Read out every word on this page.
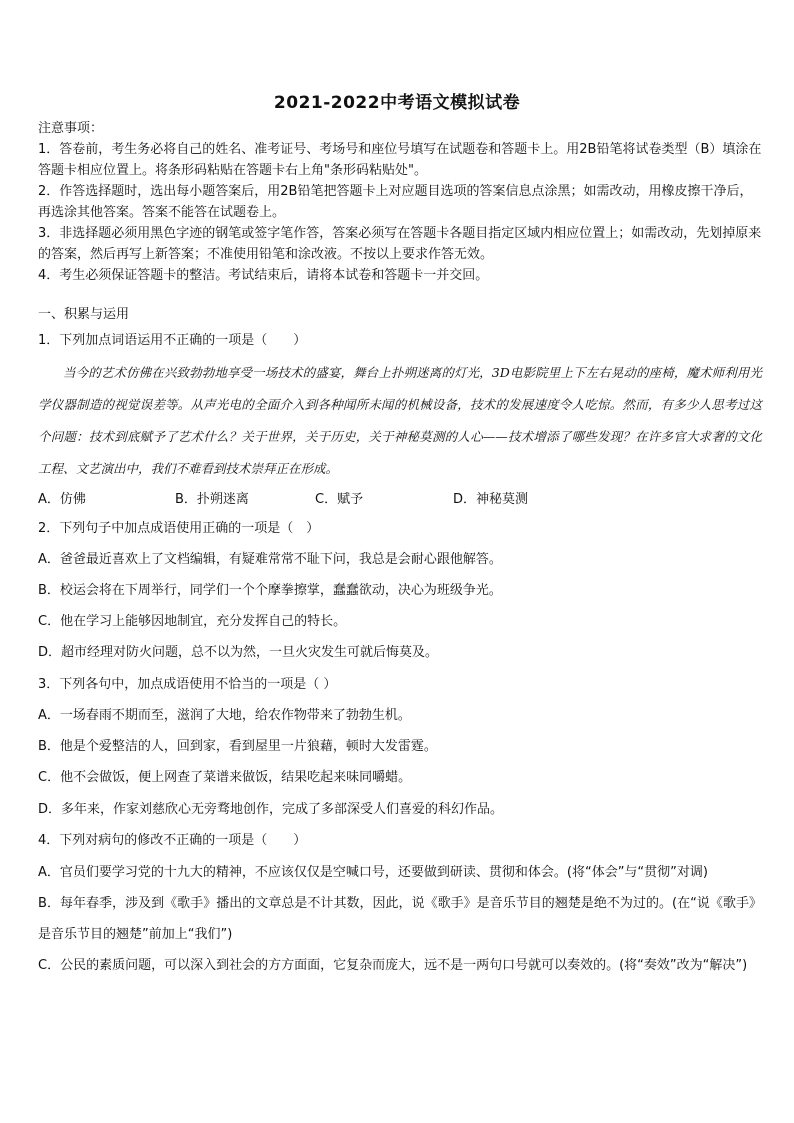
2021-2022中考语文模拟试卷

注意事项：

1．答卷前，考生务必将自己的姓名、准考证号、考场号和座位号填写在试题卷和答题卡上。用2B铅笔将试卷类型（B）填涂在答题卡相应位置上。将条形码粘贴在答题卡右上角"条形码粘贴处"。

2．作答选择题时，选出每小题答案后，用2B铅笔把答题卡上对应题目选项的答案信息点涂黑；如需改动，用橡皮擦干净后，再选涂其他答案。答案不能答在试题卷上。

3．非选择题必须用黑色字迹的钢笔或签字笔作答，答案必须写在答题卡各题目指定区域内相应位置上；如需改动，先划掉原来的答案，然后再写上新答案；不准使用铅笔和涂改液。不按以上要求作答无效。

4．考生必须保证答题卡的整洁。考试结束后，请将本试卷和答题卡一并交回。

一、积累与运用
1．下列加点词语运用不正确的一项是（　　）

当今的艺术仿佛在兴致勃勃地享受一场技术的盛宴，舞台上扑朔迷离的灯光，3D电影院里上下左右晃动的座椅，魔术师利用光学仪器制造的视觉误差等。从声光电的全面介入到各种闻所未闻的机械设备，技术的发展速度令人吃惊。然而，有多少人思考过这个问题：技术到底赋予了艺术什么？关于世界，关于历史，关于神秘莫测的人心——技术增添了哪些发现？在许多官大求奢的文化工程、文艺演出中，我们不难看到技术崇拜正在形成。

A．仿佛	B．扑朔迷离	C．赋予	D．神秘莫测
2．下列句子中加点成语使用正确的一项是（　）
A．爸爸最近喜欢上了文档编辑，有疑难常常不耻下问，我总是会耐心跟他解答。
B．校运会将在下周举行，同学们一个个摩拳擦掌，蠢蠢欲动，决心为班级争光。
C．他在学习上能够因地制宜，充分发挥自己的特长。
D．超市经理对防火问题，总不以为然，一旦火灾发生可就后悔莫及。
3．下列各句中，加点成语使用不恰当的一项是（ ）
A．一场春雨不期而至，滋润了大地，给农作物带来了勃勃生机。
B．他是个爱整洁的人，回到家，看到屋里一片狼藉，顿时大发雷霆。
C．他不会做饭，便上网查了菜谱来做饭，结果吃起来味同嚼蜡。
D．多年来，作家刘慈欣心无旁骛地创作，完成了多部深受人们喜爱的科幻作品。
4．下列对病句的修改不正确的一项是（　　）

A．官员们要学习党的十九大的精神，不应该仅仅是空喊口号，还要做到研读、贯彻和体会。(将“体会”与“贯彻”对调)

B．每年春季，涉及到《歌手》播出的文章总是不计其数，因此，说《歌手》是音乐节目的翘楚是绝不为过的。(在“说《歌手》是音乐节目的翘楚”前加上“我们”)

C．公民的素质问题，可以深入到社会的方方面面，它复杂而庞大，远不是一两句口号就可以奏效的。(将“奏效”改为“解决”)
